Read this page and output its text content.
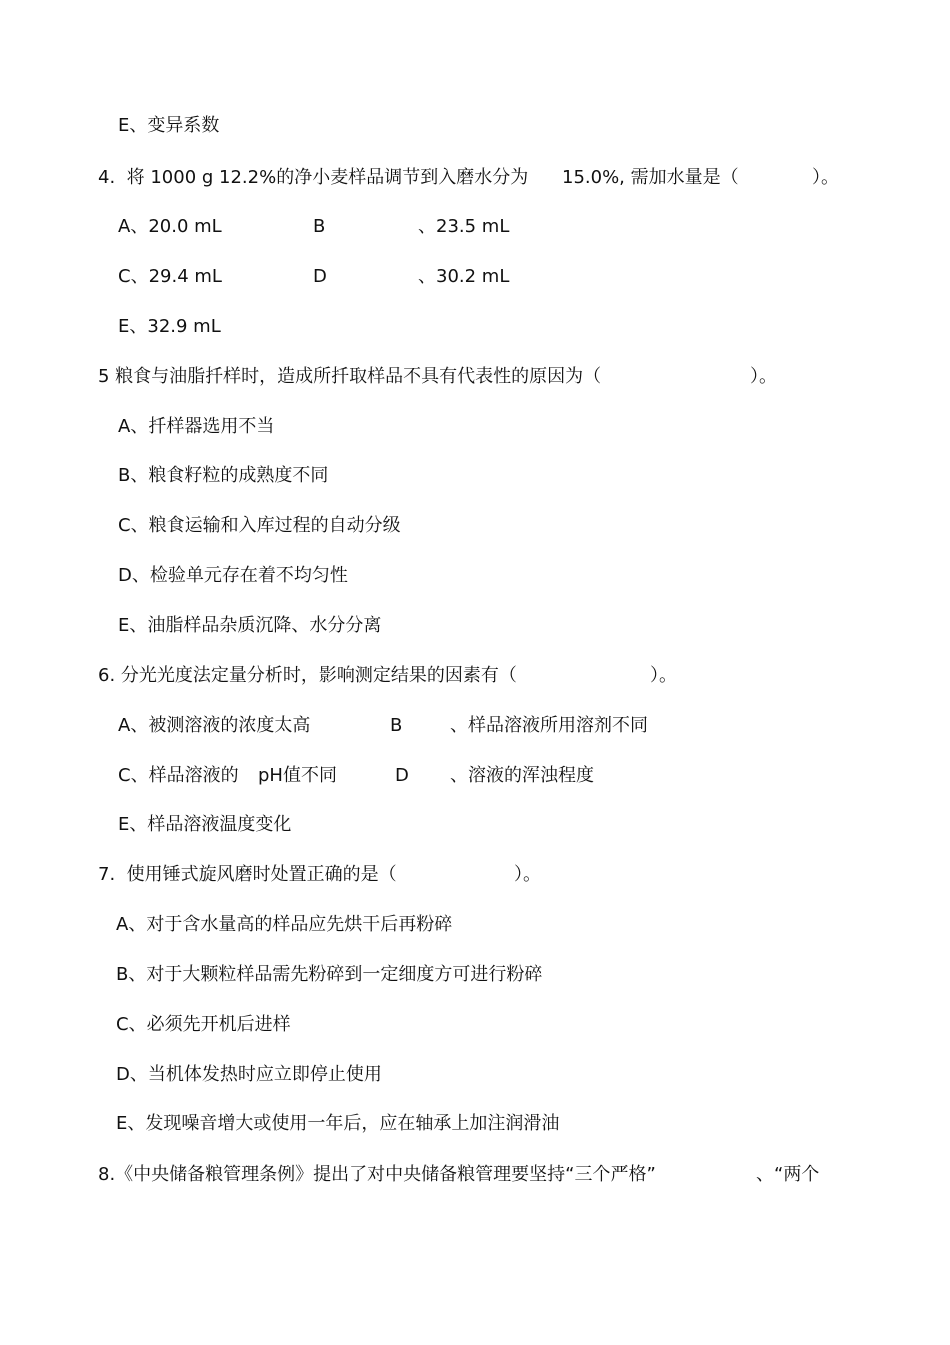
E、变异系数
4.  将 1000 g 12.2%的净小麦样品调节到入磨水分为 15.0%, 需加水量是（	）。
A、20.0 mL	B	、23.5 mL
C、29.4 mL	D	、30.2 mL
E、32.9 mL
5 粮食与油脂扦样时，造成所扦取样品不具有代表性的原因为（	）。
A、扦样器选用不当
B、粮食籽粒的成熟度不同
C、粮食运输和入库过程的自动分级
D、检验单元存在着不均匀性
E、油脂样品杂质沉降、水分分离
6. 分光光度法定量分析时，影响测定结果的因素有（	）。
A、被测溶液的浓度太高	B	、样品溶液所用溶剂不同
C、样品溶液的 pH值不同	D 、溶液的浑浊程度
E、样品溶液温度变化
7.  使用锤式旋风磨时处置正确的是（	）。
A、对于含水量高的样品应先烘干后再粉碎
B、对于大颗粒样品需先粉碎到一定细度方可进行粉碎
C、必须先开机后进样
D、当机体发热时应立即停止使用
E、发现噪音增大或使用一年后，应在轴承上加注润滑油
8.《中央储备粮管理条例》提出了对中央储备粮管理要坚持“三个严格”	、“两个
